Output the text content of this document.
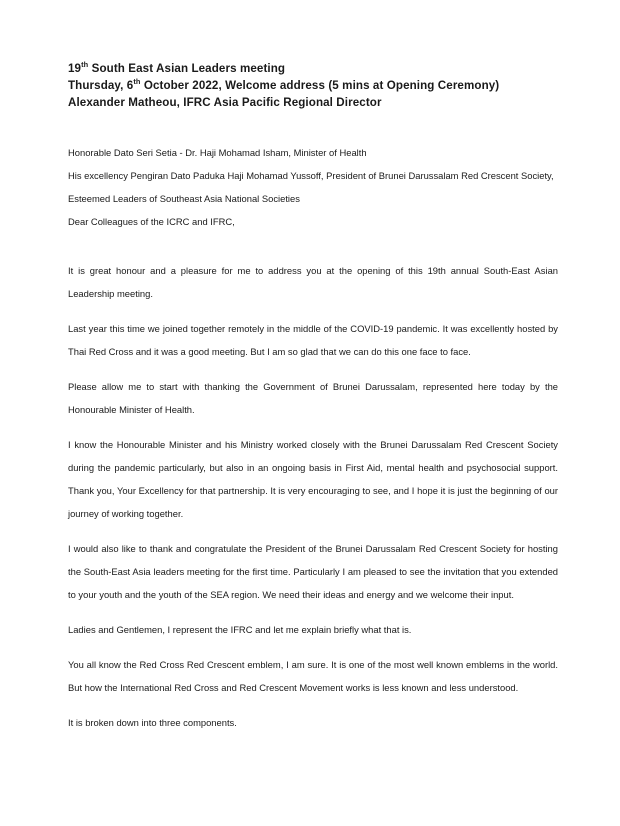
19th South East Asian Leaders meeting
Thursday, 6th October 2022, Welcome address (5 mins at Opening Ceremony)
Alexander Matheou, IFRC Asia Pacific Regional Director
Honorable Dato Seri Setia - Dr. Haji Mohamad Isham, Minister of Health
His excellency Pengiran Dato Paduka Haji Mohamad Yussoff, President of Brunei Darussalam Red Crescent Society,
Esteemed Leaders of Southeast Asia National Societies
Dear Colleagues of the ICRC and IFRC,

It is great honour and a pleasure for me to address you at the opening of this 19th annual South-East Asian Leadership meeting.

Last year this time we joined together remotely in the middle of the COVID-19 pandemic. It was excellently hosted by Thai Red Cross and it was a good meeting. But I am so glad that we can do this one face to face.

Please allow me to start with thanking the Government of Brunei Darussalam, represented here today by the Honourable Minister of Health.

I know the Honourable Minister and his Ministry worked closely with the Brunei Darussalam Red Crescent Society during the pandemic particularly, but also in an ongoing basis in First Aid, mental health and psychosocial support. Thank you, Your Excellency for that partnership. It is very encouraging to see, and I hope it is just the beginning of our journey of working together.

I would also like to thank and congratulate the President of the Brunei Darussalam Red Crescent Society for hosting the South-East Asia leaders meeting for the first time. Particularly I am pleased to see the invitation that you extended to your youth and the youth of the SEA region. We need their ideas and energy and we welcome their input.

Ladies and Gentlemen, I represent the IFRC and let me explain briefly what that is.

You all know the Red Cross Red Crescent emblem, I am sure. It is one of the most well known emblems in the world. But how the International Red Cross and Red Crescent Movement works is less known and less understood.

It is broken down into three components.
